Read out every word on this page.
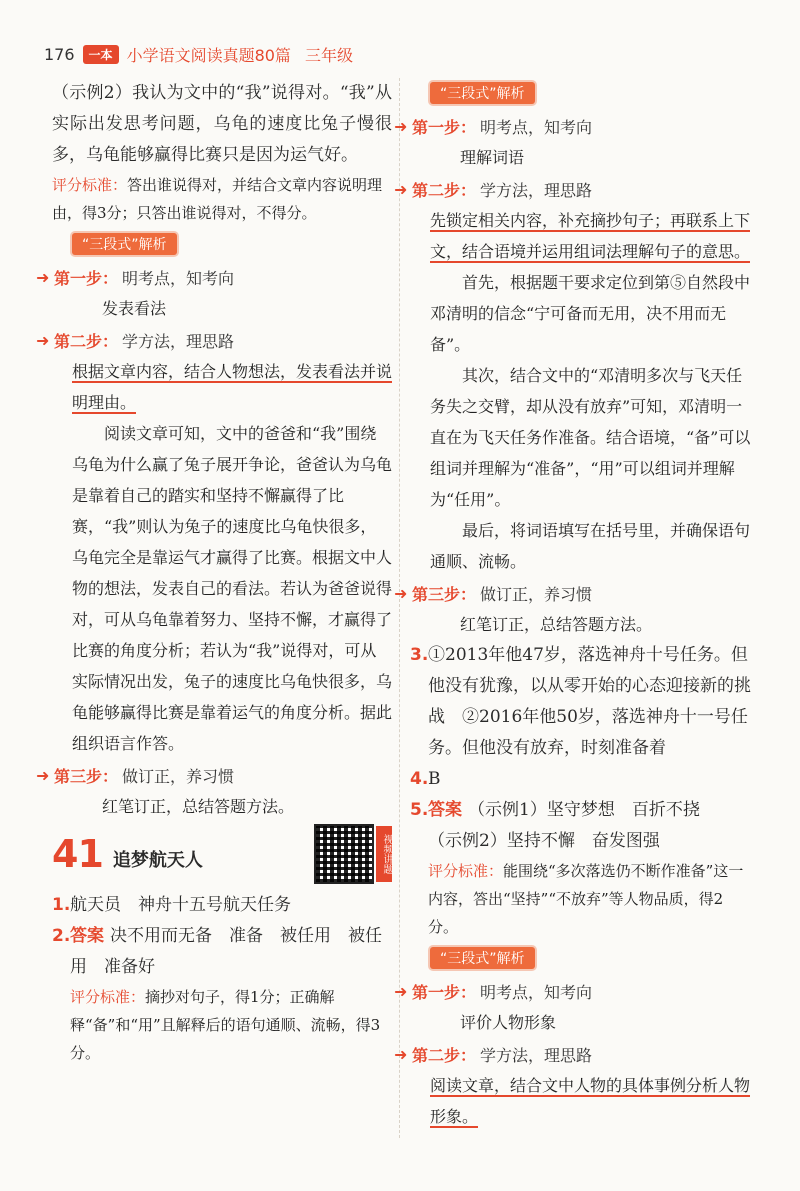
176	一本 小学语文阅读真题80篇 三年级

（示例2）我认为文中的“我”说得对。“我”从实际出发思考问题，乌龟的速度比兔子慢很多，乌龟能够赢得比赛只是因为运气好。

评分标准：答出谁说得对，并结合文章内容说明理由，得3分；只答出谁说得对，不得分。

“三段式”解析
➜ 第一步： 明考点，知考向

发表看法

➜ 第二步： 学方法，理思路

根据文章内容，结合人物想法，发表看法并说明理由。

阅读文章可知，文中的爸爸和“我”围绕乌龟为什么赢了兔子展开争论，爸爸认为乌龟是靠着自己的踏实和坚持不懈赢得了比赛，“我”则认为兔子的速度比乌龟快很多，乌龟完全是靠运气才赢得了比赛。根据文中人物的想法，发表自己的看法。若认为爸爸说得对，可从乌龟靠着努力、坚持不懈，才赢得了比赛的角度分析；若认为“我”说得对，可从实际情况出发，兔子的速度比乌龟快很多，乌龟能够赢得比赛是靠着运气的角度分析。据此组织语言作答。

➜ 第三步： 做订正，养习惯

红笔订正，总结答题方法。

41 追梦航天人	视频讲题
1. 航天员　神舟十五号航天任务
2. 答案 决不用而无备　准备　被任用　被任用　准备好

评分标准：摘抄对句子，得1分；正确解释“备”和“用”且解释后的语句通顺、流畅，得3分。

“三段式”解析
➜ 第一步： 明考点，知考向

理解词语

➜ 第二步： 学方法，理思路

先锁定相关内容，补充摘抄句子；再联系上下文，结合语境并运用组词法理解句子的意思。

首先，根据题干要求定位到第⑤自然段中邓清明的信念“宁可备而无用，决不用而无备”。

其次，结合文中的“邓清明多次与飞天任务失之交臂，却从没有放弃”可知，邓清明一直在为飞天任务作准备。结合语境，“备”可以组词并理解为“准备”，“用”可以组词并理解为“任用”。

最后，将词语填写在括号里，并确保语句通顺、流畅。

➜ 第三步： 做订正，养习惯

红笔订正，总结答题方法。

3. ①2013年他47岁，落选神舟十号任务。但他没有犹豫，以从零开始的心态迎接新的挑战　②2016年他50岁，落选神舟十一号任务。但他没有放弃，时刻准备着
4. B
5. 答案 （示例1）坚守梦想　百折不挠

（示例2）坚持不懈　奋发图强

评分标准：能围绕“多次落选仍不断作准备”这一内容，答出“坚持”“不放弃”等人物品质，得2分。

“三段式”解析
➜ 第一步： 明考点，知考向

评价人物形象

➜ 第二步： 学方法，理思路

阅读文章，结合文中人物的具体事例分析人物形象。
